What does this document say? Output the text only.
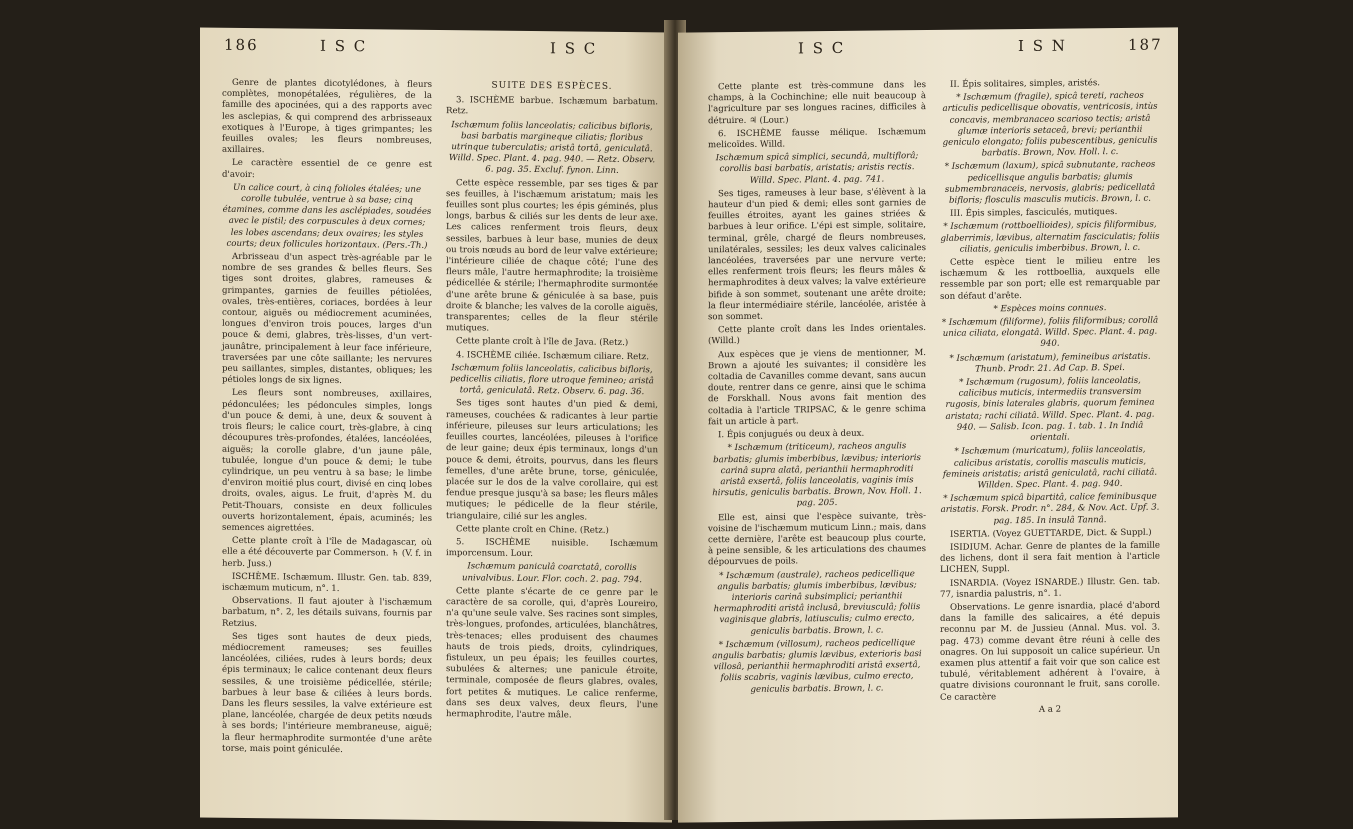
186	I S C	I S C

Genre de plantes dicotylédones, à fleurs complètes, monopétalées, régulières, de la famille des apocinées, qui a des rapports avec les asclepias, & qui comprend des arbrisseaux exotiques à l'Europe, à tiges grimpantes; les feuilles ovales; les fleurs nombreuses, axillaires.

Le caractère essentiel de ce genre est d'avoir:

Un calice court, à cinq folioles étalées; une corolle tubulée, ventrue à sa base; cinq étamines, comme dans les asclépiades, soudées avec le pistil; des corpuscules à deux cornes; les lobes ascendans; deux ovaires; les styles courts; deux follicules horizontaux. (Pers.-Th.)

Arbrisseau d'un aspect très-agréable par le nombre de ses grandes & belles fleurs. Ses tiges sont droites, glabres, rameuses & grimpantes, garnies de feuilles pétiolées, ovales, très-entières, coriaces, bordées à leur contour, aiguës ou médiocrement acuminées, longues d'environ trois pouces, larges d'un pouce & demi, glabres, très-lisses, d'un vert-jaunâtre, principalement à leur face inférieure, traversées par une côte saillante; les nervures peu saillantes, simples, distantes, obliques; les pétioles longs de six lignes.

Les fleurs sont nombreuses, axillaires, pédonculées; les pédoncules simples, longs d'un pouce & demi, à une, deux & souvent à trois fleurs; le calice court, très-glabre, à cinq découpures très-profondes, étalées, lancéolées, aiguës; la corolle glabre, d'un jaune pâle, tubulée, longue d'un pouce & demi; le tube cylindrique, un peu ventru à sa base; le limbe d'environ moitié plus court, divisé en cinq lobes droits, ovales, aigus. Le fruit, d'après M. du Petit-Thouars, consiste en deux follicules ouverts horizontalement, épais, acuminés; les semences aigrettées.

Cette plante croît à l'île de Madagascar, où elle a été découverte par Commerson. ♄ (V. f. in herb. Juss.)

ISCHÈME. Ischæmum. Illustr. Gen. tab. 839, ischæmum muticum, n°. 1.

Observations. Il faut ajouter à l'ischæmum barbatum, n°. 2, les détails suivans, fournis par Retzius.

Ses tiges sont hautes de deux pieds, médiocrement rameuses; ses feuilles lancéolées, ciliées, rudes à leurs bords; deux épis terminaux; le calice contenant deux fleurs sessiles, & une troisième pédicellée, stérile; barbues à leur base & ciliées à leurs bords. Dans les fleurs sessiles, la valve extérieure est plane, lancéolée, chargée de deux petits nœuds à ses bords; l'intérieure membraneuse, aiguë; la fleur hermaphrodite surmontée d'une arête torse, mais point géniculée.

SUITE DES ESPÈCES.

3. ISCHÈME barbue. Ischæmum barbatum. Retz.

Ischæmum foliis lanceolatis; calicibus bifloris, basi barbatis margineque ciliatis; floribus utrinque tuberculatis; aristâ tortâ, geniculatâ. Willd. Spec. Plant. 4. pag. 940. — Retz. Observ. 6. pag. 35. Excluf. fynon. Linn.

Cette espèce ressemble, par ses tiges & par ses feuilles, à l'ischæmum aristatum; mais les feuilles sont plus courtes; les épis géminés, plus longs, barbus & ciliés sur les dents de leur axe. Les calices renferment trois fleurs, deux sessiles, barbues à leur base, munies de deux ou trois nœuds au bord de leur valve extérieure; l'intérieure ciliée de chaque côté; l'une des fleurs mâle, l'autre hermaphrodite; la troisième pédicellée & stérile; l'hermaphrodite surmontée d'une arête brune & géniculée à sa base, puis droite & blanche; les valves de la corolle aiguës, transparentes; celles de la fleur stérile mutiques.

Cette plante croît à l'île de Java. (Retz.)

4. ISCHÈME ciliée. Ischæmum ciliare. Retz.

Ischæmum foliis lanceolatis, calicibus bifloris, pedicellis ciliatis, flore utroque femineo; aristâ tortâ, geniculatâ. Retz. Observ. 6. pag. 36.

Ses tiges sont hautes d'un pied & demi, rameuses, couchées & radicantes à leur partie inférieure, pileuses sur leurs articulations; les feuilles courtes, lancéolées, pileuses à l'orifice de leur gaine; deux épis terminaux, longs d'un pouce & demi, étroits, pourvus, dans les fleurs femelles, d'une arête brune, torse, géniculée, placée sur le dos de la valve corollaire, qui est fendue presque jusqu'à sa base; les fleurs mâles mutiques; le pédicelle de la fleur stérile, triangulaire, cilié sur les angles.

Cette plante croît en Chine. (Retz.)

5. ISCHÈME nuisible. Ischæmum imporcensum. Lour.

Ischæmum paniculâ coarctatâ, corollis univalvibus. Lour. Flor. coch. 2. pag. 794.

Cette plante s'écarte de ce genre par le caractère de sa corolle, qui, d'après Loureiro, n'a qu'une seule valve. Ses racines sont simples, très-longues, profondes, articulées, blanchâtres, très-tenaces; elles produisent des chaumes hauts de trois pieds, droits, cylindriques, fistuleux, un peu épais; les feuilles courtes, subulées & alternes; une panicule étroite, terminale, composée de fleurs glabres, ovales, fort petites & mutiques. Le calice renferme, dans ses deux valves, deux fleurs, l'une hermaphrodite, l'autre mâle.

I S C	I S N	187

Cette plante est très-commune dans les champs, à la Cochinchine; elle nuit beaucoup à l'agriculture par ses longues racines, difficiles à détruire. ♃ (Lour.)

6. ISCHÈME fausse mélique. Ischæmum melicoïdes. Willd.

Ischæmum spicâ simplici, secundâ, multiflorâ; corollis basi barbatis, aristatis; aristis rectis. Willd. Spec. Plant. 4. pag. 741.

Ses tiges, rameuses à leur base, s'élèvent à la hauteur d'un pied & demi; elles sont garnies de feuilles étroites, ayant les gaines striées & barbues à leur orifice. L'épi est simple, solitaire, terminal, grêle, chargé de fleurs nombreuses, unilatérales, sessiles; les deux valves calicinales lancéolées, traversées par une nervure verte; elles renferment trois fleurs; les fleurs mâles & hermaphrodites à deux valves; la valve extérieure bifide à son sommet, soutenant une arête droite; la fleur intermédiaire stérile, lancéolée, aristée à son sommet.

Cette plante croît dans les Indes orientales. (Willd.)

Aux espèces que je viens de mentionner, M. Brown a ajouté les suivantes; il considère les coltadia de Cavanilles comme devant, sans aucun doute, rentrer dans ce genre, ainsi que le schima de Forskhall. Nous avons fait mention des coltadia à l'article TRIPSAC, & le genre schima fait un article à part.

I. Épis conjugués ou deux à deux.

* Ischæmum (triticeum), racheos angulis barbatis; glumis imberbibus, lævibus; interioris carinâ supra alatâ, perianthii hermaphroditi aristâ exsertâ, foliis lanceolatis, vaginis imis hirsutis, geniculis barbatis. Brown, Nov. Holl. 1. pag. 205.

Elle est, ainsi que l'espèce suivante, très-voisine de l'ischæmum muticum Linn.; mais, dans cette dernière, l'arête est beaucoup plus courte, à peine sensible, & les articulations des chaumes dépourvues de poils.

* Ischæmum (australe), racheos pedicellique angulis barbatis; glumis imberbibus, lævibus; interioris carinâ subsimplici; perianthii hermaphroditi aristâ inclusâ, breviusculâ; foliis vaginisque glabris, latiusculis; culmo erecto, geniculis barbatis. Brown, l. c.

* Ischæmum (villosum), racheos pedicellique angulis barbatis; glumis lævibus, exterioris basi villosâ, perianthii hermaphroditi aristâ exsertâ, foliis scabris, vaginis lævibus, culmo erecto, geniculis barbatis. Brown, l. c.

II. Épis solitaires, simples, aristés.

* Ischæmum (fragile), spicâ tereti, racheos articulis pedicellisque obovatis, ventricosis, intùs concavis, membranaceo scarioso tectis; aristâ glumæ interioris setaceâ, brevi; perianthii geniculo elongato; foliis pubescentibus, geniculis barbatis. Brown, Nov. Holl. l. c.

* Ischæmum (laxum), spicâ subnutante, racheos pedicellisque angulis barbatis; glumis submembranaceis, nervosis, glabris; pedicellatâ bifloris; flosculis masculis muticis. Brown, l. c.

III. Épis simples, fasciculés, mutiques.

* Ischæmum (rottboellioides), spicis filiformibus, glaberrimis, lævibus, alternatim fasciculatis; foliis ciliatis, geniculis imberbibus. Brown, l. c.

Cette espèce tient le milieu entre les ischæmum & les rottboellia, auxquels elle ressemble par son port; elle est remarquable par son défaut d'arête.

* Espèces moins connues.

* Ischæmum (filiforme), foliis filiformibus; corollâ unica ciliata, elongatâ. Willd. Spec. Plant. 4. pag. 940.

* Ischæmum (aristatum), femineibus aristatis. Thunb. Prodr. 21. Ad Cap. B. Spei.

* Ischæmum (rugosum), foliis lanceolatis, calicibus muticis, intermediis transversim rugosis, binis laterales glabris, quorum feminea aristata; rachi ciliatâ. Willd. Spec. Plant. 4. pag. 940. — Salisb. Icon. pag. 1. tab. 1. In Indiâ orientali.

* Ischæmum (muricatum), foliis lanceolatis, calicibus aristatis, corollis masculis muticis, femineis aristatis; aristâ geniculatâ, rachi ciliatâ. Willden. Spec. Plant. 4. pag. 940.

* Ischæmum spicâ bipartitâ, calice feminibusque aristatis. Forsk. Prodr. n°. 284, & Nov. Act. Upf. 3. pag. 185. In insulâ Tannâ.

ISERTIA. (Voyez GUETTARDE, Dict. & Suppl.)

ISIDIUM. Achar. Genre de plantes de la famille des lichens, dont il sera fait mention à l'article LICHEN, Suppl.

ISNARDIA. (Voyez ISNARDE.) Illustr. Gen. tab. 77, isnardia palustris, n°. 1.

Observations. Le genre isnardia, placé d'abord dans la famille des salicaires, a été depuis reconnu par M. de Jussieu (Annal. Mus. vol. 3. pag. 473) comme devant être réuni à celle des onagres. On lui supposoit un calice supérieur. Un examen plus attentif a fait voir que son calice est tubulé, véritablement adhérent à l'ovaire, à quatre divisions couronnant le fruit, sans corolle. Ce caractère

A a 2
